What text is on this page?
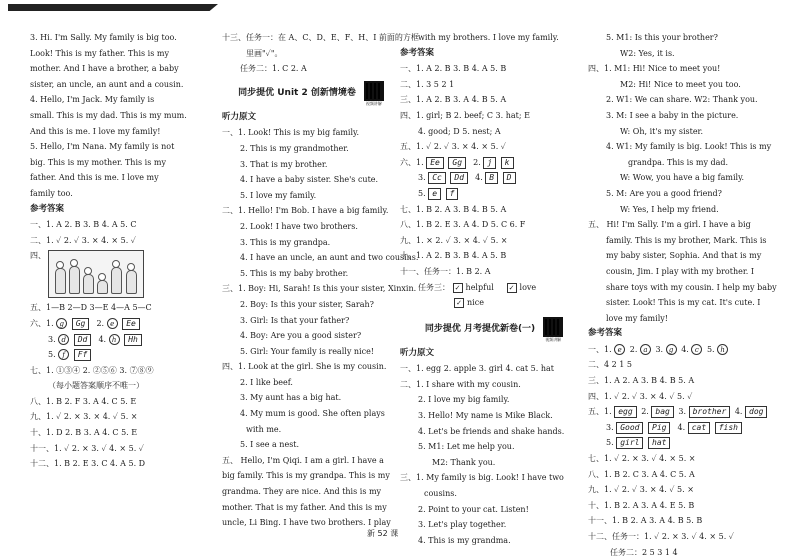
3. Hi. I'm Sally. My family is big too.
Look! This is my father. This is my
mother. And I have a brother, a baby
sister, an uncle, an aunt and a cousin.
4. Hello, I'm Jack. My family is
small. This is my dad. This is my mum.
And this is me. I love my family!
5. Hello, I'm Nana. My family is not
big. This is my mother. This is my
father. And this is me. I love my
family too.
参考答案
一、1. A 2. B 3. B 4. A 5. C
二、1. ✓ 2. ✓ 3. × 4. × 5. ✓
四、
五、1—B 2—D 3—E 4—A 5—C
六、1. g Gg 2. e Ee
3. d Dd 4. h Hh
5. f Ff
七、1. ①③④ 2. ②⑤⑥ 3. ⑦⑧⑨
（每小题答案顺序不唯一）
八、1. B 2. F 3. A 4. C 5. E
九、1. ✓ 2. × 3. × 4. ✓ 5. ×
十、1. D 2. B 3. A 4. C 5. E
十一、1. ✓ 2. × 3. ✓ 4. × 5. ✓
十二、1. B 2. E 3. C 4. A 5. D
十三、任务一：在 A、C、D、E、F、H、I 前面的方框
里画"✓"。
任务二：1. C 2. A
同步提优 Unit 2 创新情境卷
视频讲解
听力原文
一、1. Look! This is my big family.
2. This is my grandmother.
3. That is my brother.
4. I have a baby sister. She's cute.
5. I love my family.
二、1. Hello! I'm Bob. I have a big family.
2. Look! I have two brothers.
3. This is my grandpa.
4. I have an uncle, an aunt and two cousins.
5. This is my baby brother.
三、1. Boy: Hi, Sarah! Is this your sister, Xinxin.
2. Boy: Is this your sister, Sarah?
3. Girl: Is that your father?
4. Boy: Are you a good sister?
5. Girl: Your family is really nice!
四、1. Look at the girl. She is my cousin.
2. I like beef.
3. My aunt has a big hat.
4. My mum is good. She often plays
with me.
5. I see a nest.
五、 Hello, I'm Qiqi. I am a girl. I have a
big family. This is my grandpa. This is my
grandma. They are nice. And this is my
mother. That is my father. And this is my
uncle, Li Bing. I have two brothers. I play
with my brothers. I love my family.
参考答案
一、1. A 2. B 3. B 4. A 5. B
二、1. 3 5 2 1
三、1. A 2. B 3. A 4. B 5. A
四、1. girl; B 2. beef; C 3. hat; E
4. good; D 5. nest; A
五、1. ✓ 2. ✓ 3. × 4. × 5. ✓
六、1. Ee Gg 2. j k
3. Cc Dd 4. B D
5. e f
七、1. B 2. A 3. B 4. B 5. A
八、1. B 2. E 3. A 4. D 5. C 6. F
九、1. × 2. ✓ 3. × 4. ✓ 5. ×
十、1. A 2. B 3. B 4. A 5. B
十一、任务一：1. B 2. A
任务三： ✓ helpful ✓ love
✓ nice
同步提优 月考提优新卷(一)
视频讲解
听力原文
一、1. egg 2. apple 3. girl 4. cat 5. hat
二、1. I share with my cousin.
2. I love my big family.
3. Hello! My name is Mike Black.
4. Let's be friends and shake hands.
5. M1: Let me help you.
M2: Thank you.
三、1. My family is big. Look! I have two
cousins.
2. Point to your cat. Listen!
3. Let's play together.
4. This is my grandma.
5. M1: Is this your brother?
W2: Yes, it is.
四、1. M1: Hi! Nice to meet you!
M2: Hi! Nice to meet you too.
2. W1: We can share. W2: Thank you.
3. M: I see a baby in the picture.
W: Oh, it's my sister.
4. W1: My family is big. Look! This is my
grandpa. This is my dad.
W: Wow, you have a big family.
5. M: Are you a good friend?
W: Yes, I help my friend.
五、 Hi! I'm Sally. I'm a girl. I have a big
family. This is my brother, Mark. This is
my baby sister, Sophia. And that is my
cousin, Jim. I play with my brother. I
share toys with my cousin. I help my baby
sister. Look! This is my cat. It's cute. I
love my family!
参考答案
一、1. e 2. a 3. g 4. c 5. h
二、4 2 1 5
三、1. A 2. A 3. B 4. B 5. A
四、1. ✓ 2. ✓ 3. × 4. ✓ 5. ✓
五、1. egg 2. bag 3. brother 4. dog
3. Good Pig 4. cat fish
5. girl hat
七、1. ✓ 2. × 3. ✓ 4. × 5. ×
八、1. B 2. C 3. A 4. C 5. A
九、1. ✓ 2. ✓ 3. × 4. ✓ 5. ×
十、1. B 2. A 3. A 4. E 5. B
十一、1. B 2. A 3. A 4. B 5. B
十二、任务一：1. ✓ 2. × 3. ✓ 4. × 5. ✓
任务二：2 5 3 1 4
新 52 课
